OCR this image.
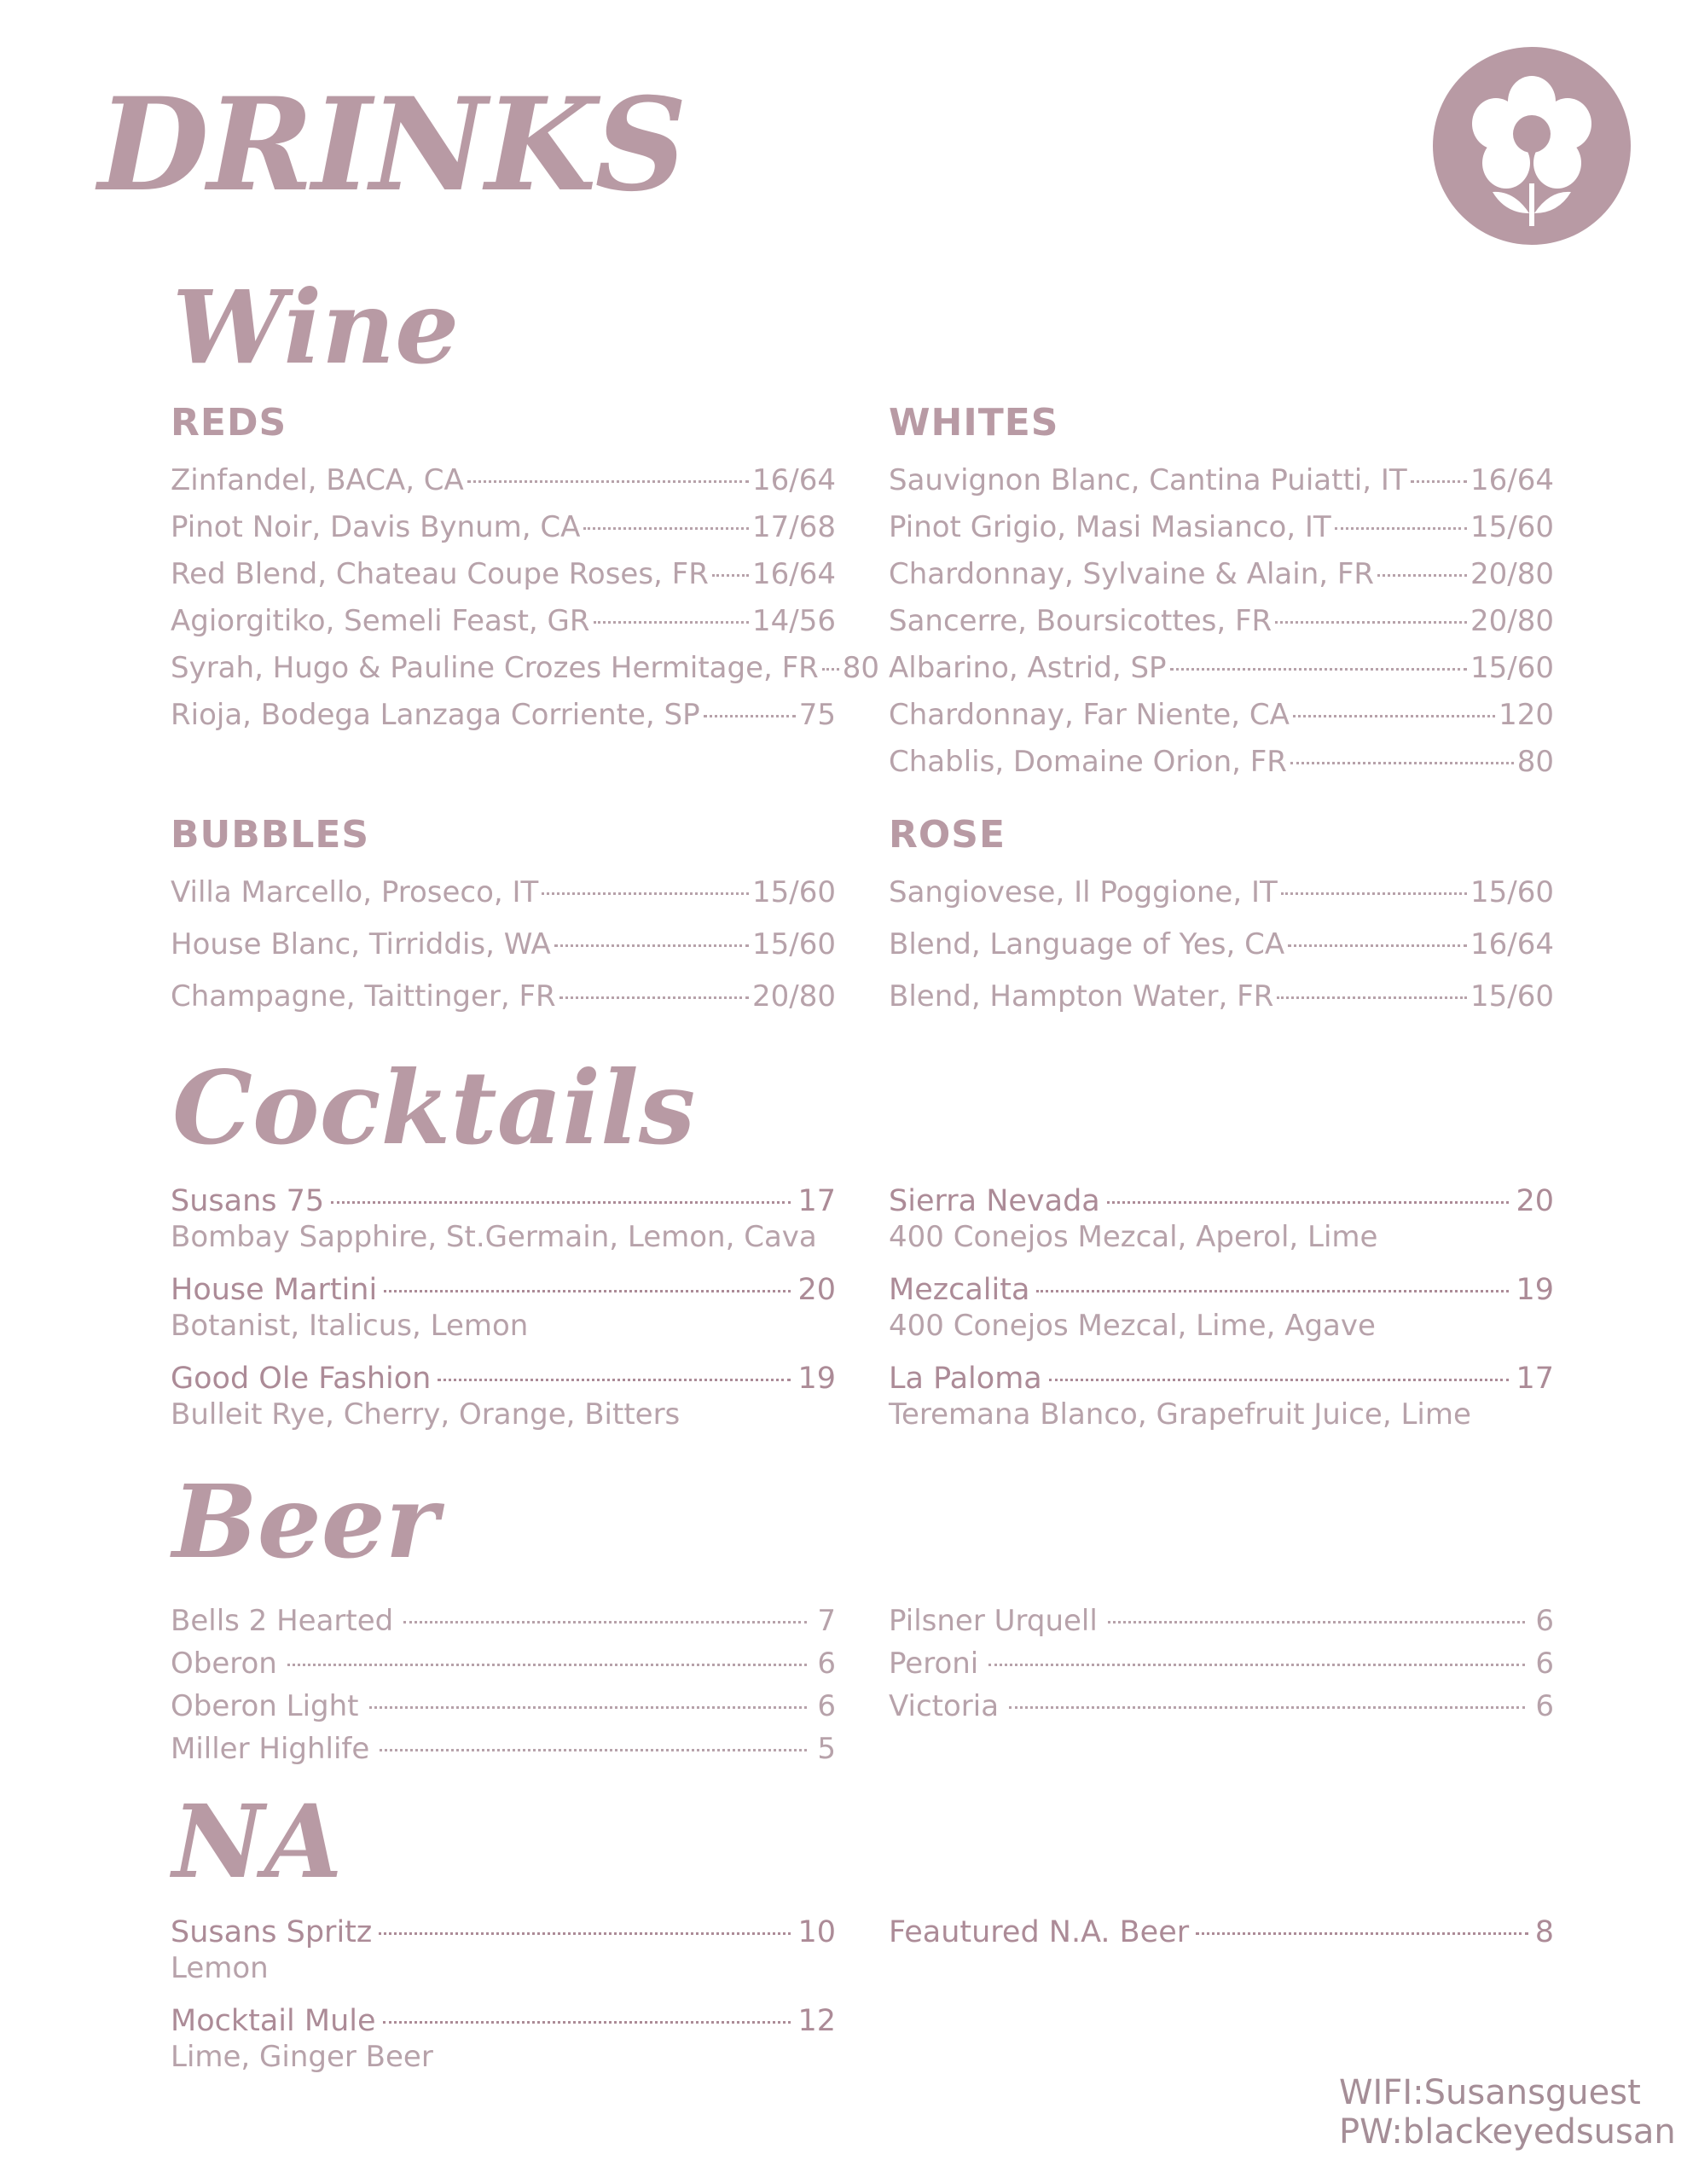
DRINKS
Wine
REDS
Zinfandel, BACA, CA	16/64
Pinot Noir, Davis Bynum, CA	17/68
Red Blend, Chateau Coupe Roses, FR 16/64
Agiorgitiko, Semeli Feast, GR	14/56
Syrah, Hugo & Pauline Crozes Hermitage, FR 80
Rioja, Bodega Lanzaga Corriente, SP	75
WHITES
Sauvignon Blanc, Cantina Puiatti, IT 16/64
Pinot Grigio, Masi Masianco, IT	15/60
Chardonnay, Sylvaine & Alain, FR	20/80
Sancerre, Boursicottes, FR	20/80
Albarino, Astrid, SP	15/60
Chardonnay, Far Niente, CA	120
Chablis, Domaine Orion, FR	80
BUBBLES
Villa Marcello, Proseco, IT	15/60
House Blanc, Tirriddis, WA	15/60
Champagne, Taittinger, FR	20/80
ROSE
Sangiovese, Il Poggione, IT	15/60
Blend, Language of Yes, CA	16/64
Blend, Hampton Water, FR	15/60
Cocktails
Susans 75	17
Bombay Sapphire, St.Germain, Lemon, Cava
House Martini	20
Botanist, Italicus, Lemon
Good Ole Fashion	19
Bulleit Rye, Cherry, Orange, Bitters
Sierra Nevada	20
400 Conejos Mezcal, Aperol, Lime
Mezcalita	19
400 Conejos Mezcal, Lime, Agave
La Paloma	17
Teremana Blanco, Grapefruit Juice, Lime
Beer
Bells 2 Hearted	7
Oberon	6
Oberon Light	6
Miller Highlife	5
Pilsner Urquell	6
Peroni	6
Victoria	6
NA
Susans Spritz	10
Lemon
Mocktail Mule	12
Lime, Ginger Beer
Feautured N.A. Beer	8
WIFI:Susansguest
PW:blackeyedsusan
